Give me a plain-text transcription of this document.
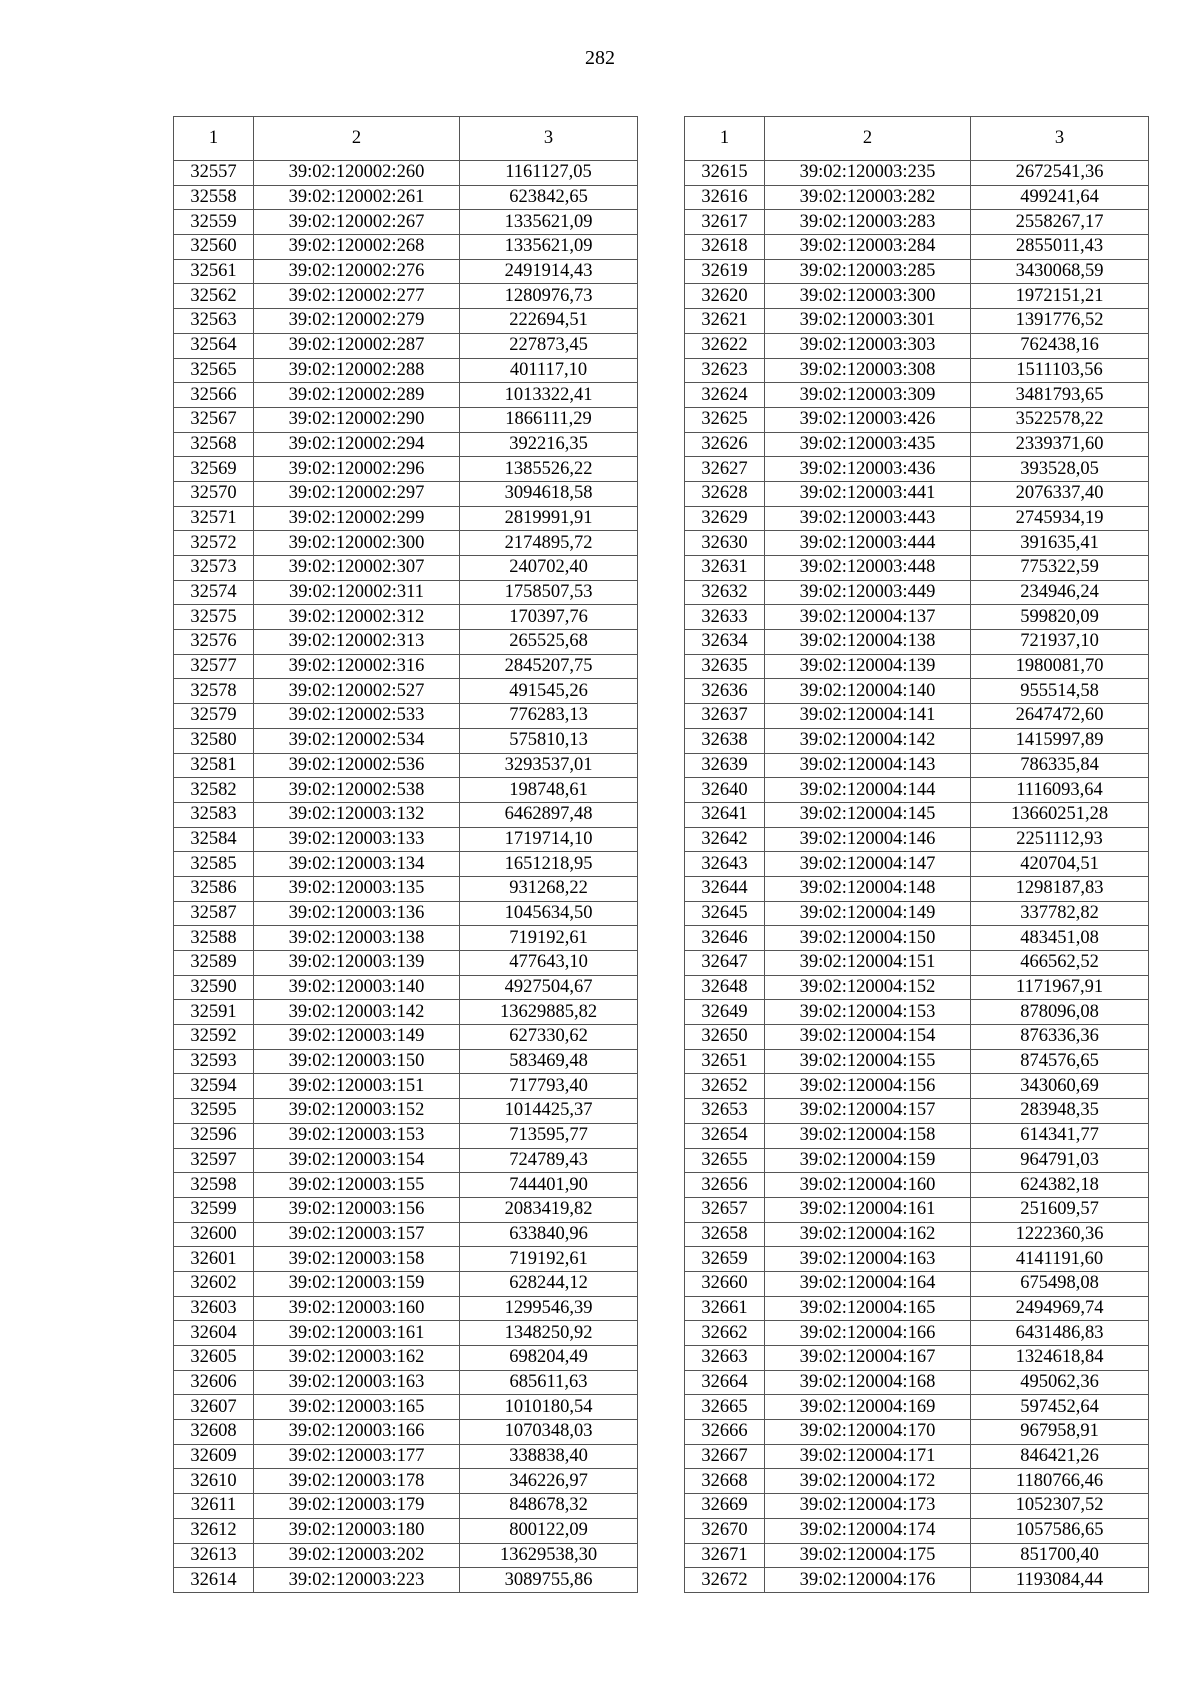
282
1	2	3
32557	39:02:120002:260	1161127,05
32558	39:02:120002:261	623842,65
32559	39:02:120002:267	1335621,09
32560	39:02:120002:268	1335621,09
32561	39:02:120002:276	2491914,43
32562	39:02:120002:277	1280976,73
32563	39:02:120002:279	222694,51
32564	39:02:120002:287	227873,45
32565	39:02:120002:288	401117,10
32566	39:02:120002:289	1013322,41
32567	39:02:120002:290	1866111,29
32568	39:02:120002:294	392216,35
32569	39:02:120002:296	1385526,22
32570	39:02:120002:297	3094618,58
32571	39:02:120002:299	2819991,91
32572	39:02:120002:300	2174895,72
32573	39:02:120002:307	240702,40
32574	39:02:120002:311	1758507,53
32575	39:02:120002:312	170397,76
32576	39:02:120002:313	265525,68
32577	39:02:120002:316	2845207,75
32578	39:02:120002:527	491545,26
32579	39:02:120002:533	776283,13
32580	39:02:120002:534	575810,13
32581	39:02:120002:536	3293537,01
32582	39:02:120002:538	198748,61
32583	39:02:120003:132	6462897,48
32584	39:02:120003:133	1719714,10
32585	39:02:120003:134	1651218,95
32586	39:02:120003:135	931268,22
32587	39:02:120003:136	1045634,50
32588	39:02:120003:138	719192,61
32589	39:02:120003:139	477643,10
32590	39:02:120003:140	4927504,67
32591	39:02:120003:142	13629885,82
32592	39:02:120003:149	627330,62
32593	39:02:120003:150	583469,48
32594	39:02:120003:151	717793,40
32595	39:02:120003:152	1014425,37
32596	39:02:120003:153	713595,77
32597	39:02:120003:154	724789,43
32598	39:02:120003:155	744401,90
32599	39:02:120003:156	2083419,82
32600	39:02:120003:157	633840,96
32601	39:02:120003:158	719192,61
32602	39:02:120003:159	628244,12
32603	39:02:120003:160	1299546,39
32604	39:02:120003:161	1348250,92
32605	39:02:120003:162	698204,49
32606	39:02:120003:163	685611,63
32607	39:02:120003:165	1010180,54
32608	39:02:120003:166	1070348,03
32609	39:02:120003:177	338838,40
32610	39:02:120003:178	346226,97
32611	39:02:120003:179	848678,32
32612	39:02:120003:180	800122,09
32613	39:02:120003:202	13629538,30
32614	39:02:120003:223	3089755,86
1	2	3
32615	39:02:120003:235	2672541,36
32616	39:02:120003:282	499241,64
32617	39:02:120003:283	2558267,17
32618	39:02:120003:284	2855011,43
32619	39:02:120003:285	3430068,59
32620	39:02:120003:300	1972151,21
32621	39:02:120003:301	1391776,52
32622	39:02:120003:303	762438,16
32623	39:02:120003:308	1511103,56
32624	39:02:120003:309	3481793,65
32625	39:02:120003:426	3522578,22
32626	39:02:120003:435	2339371,60
32627	39:02:120003:436	393528,05
32628	39:02:120003:441	2076337,40
32629	39:02:120003:443	2745934,19
32630	39:02:120003:444	391635,41
32631	39:02:120003:448	775322,59
32632	39:02:120003:449	234946,24
32633	39:02:120004:137	599820,09
32634	39:02:120004:138	721937,10
32635	39:02:120004:139	1980081,70
32636	39:02:120004:140	955514,58
32637	39:02:120004:141	2647472,60
32638	39:02:120004:142	1415997,89
32639	39:02:120004:143	786335,84
32640	39:02:120004:144	1116093,64
32641	39:02:120004:145	13660251,28
32642	39:02:120004:146	2251112,93
32643	39:02:120004:147	420704,51
32644	39:02:120004:148	1298187,83
32645	39:02:120004:149	337782,82
32646	39:02:120004:150	483451,08
32647	39:02:120004:151	466562,52
32648	39:02:120004:152	1171967,91
32649	39:02:120004:153	878096,08
32650	39:02:120004:154	876336,36
32651	39:02:120004:155	874576,65
32652	39:02:120004:156	343060,69
32653	39:02:120004:157	283948,35
32654	39:02:120004:158	614341,77
32655	39:02:120004:159	964791,03
32656	39:02:120004:160	624382,18
32657	39:02:120004:161	251609,57
32658	39:02:120004:162	1222360,36
32659	39:02:120004:163	4141191,60
32660	39:02:120004:164	675498,08
32661	39:02:120004:165	2494969,74
32662	39:02:120004:166	6431486,83
32663	39:02:120004:167	1324618,84
32664	39:02:120004:168	495062,36
32665	39:02:120004:169	597452,64
32666	39:02:120004:170	967958,91
32667	39:02:120004:171	846421,26
32668	39:02:120004:172	1180766,46
32669	39:02:120004:173	1052307,52
32670	39:02:120004:174	1057586,65
32671	39:02:120004:175	851700,40
32672	39:02:120004:176	1193084,44
